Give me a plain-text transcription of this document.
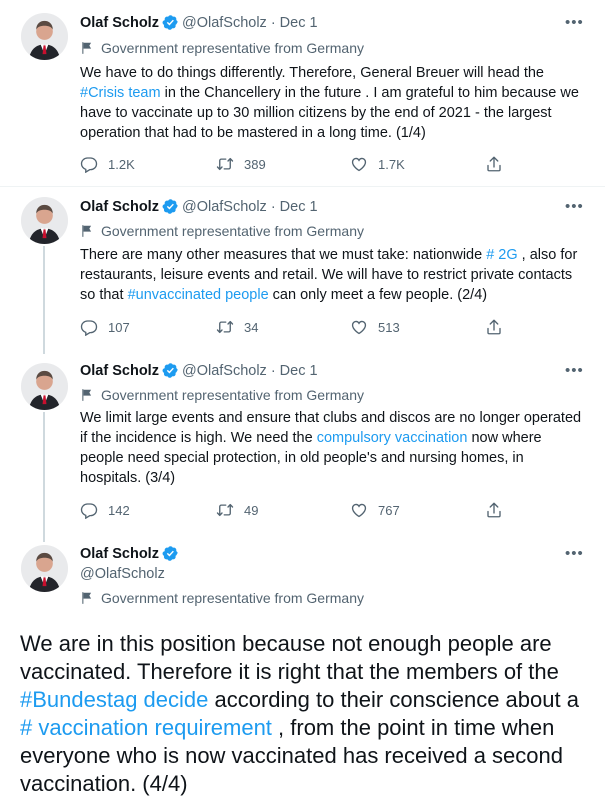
Olaf Scholz @OlafScholz · Dec 1	•••
Government representative from Germany
We have to do things differently. Therefore, General Breuer will head the #Crisis team in the Chancellery in the future . I am grateful to him because we have to vaccinate up to 30 million citizens by the end of 2021 - the largest operation that had to be mastered in a long time. (1/4)
1.2K	389	1.7K
Olaf Scholz @OlafScholz · Dec 1	•••
Government representative from Germany
There are many other measures that we must take: nationwide # 2G , also for restaurants, leisure events and retail. We will have to restrict private contacts so that #unvaccinated people can only meet a few people. (2/4)
107	34	513
Olaf Scholz @OlafScholz · Dec 1	•••
Government representative from Germany
We limit large events and ensure that clubs and discos are no longer operated if the incidence is high. We need the compulsory vaccination now where people need special protection, in old people's and nursing homes, in hospitals. (3/4)
142	49	767
Olaf Scholz
@OlafScholz
•••
Government representative from Germany
We are in this position because not enough people are vaccinated. Therefore it is right that the members of the #Bundestag decide according to their conscience about a # vaccination requirement , from the point in time when everyone who is now vaccinated has received a second vaccination. (4/4)
